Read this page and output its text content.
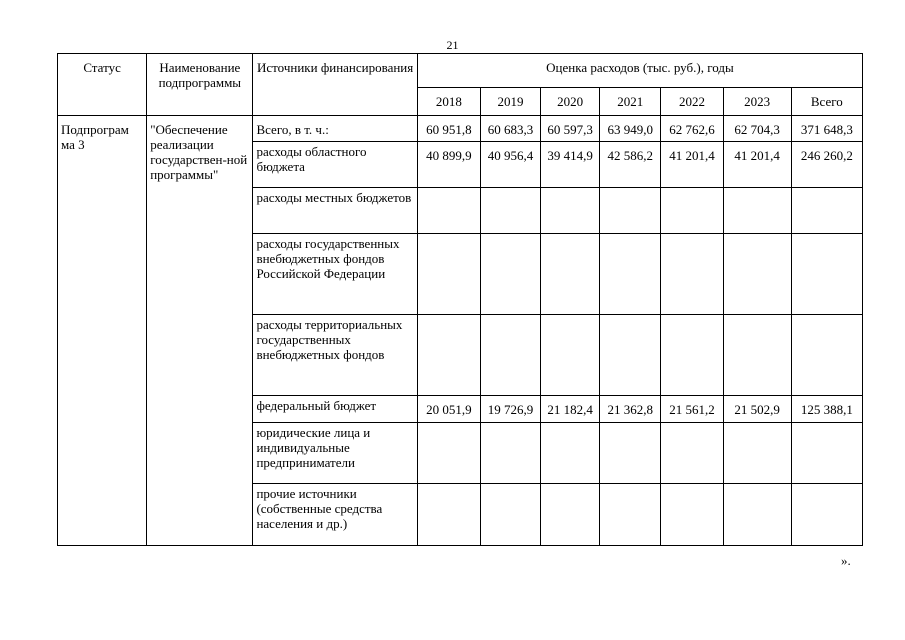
21
Статус	Наименование подпрограммы	Источники финансирования	Оценка расходов (тыс. руб.), годы						
			2018	2019	2020	2021	2022	2023	Всего
Подпрограм ма 3	"Обеспечение реализации государствен-ной программы"	Всего, в т. ч.:	60 951,8	60 683,3	60 597,3	63 949,0	62 762,6	62 704,3	371 648,3
		расходы областного бюджета	40 899,9	40 956,4	39 414,9	42 586,2	41 201,4	41 201,4	246 260,2
		расходы местных бюджетов							
		расходы государственных внебюджетных фондов Российской Федерации							
		расходы территориальных государственных внебюджетных фондов							
		федеральный бюджет	20 051,9	19 726,9	21 182,4	21 362,8	21 561,2	21 502,9	125 388,1
		юридические лица и индивидуальные предприниматели							
		прочие источники (собственные средства населения и др.)							
».
